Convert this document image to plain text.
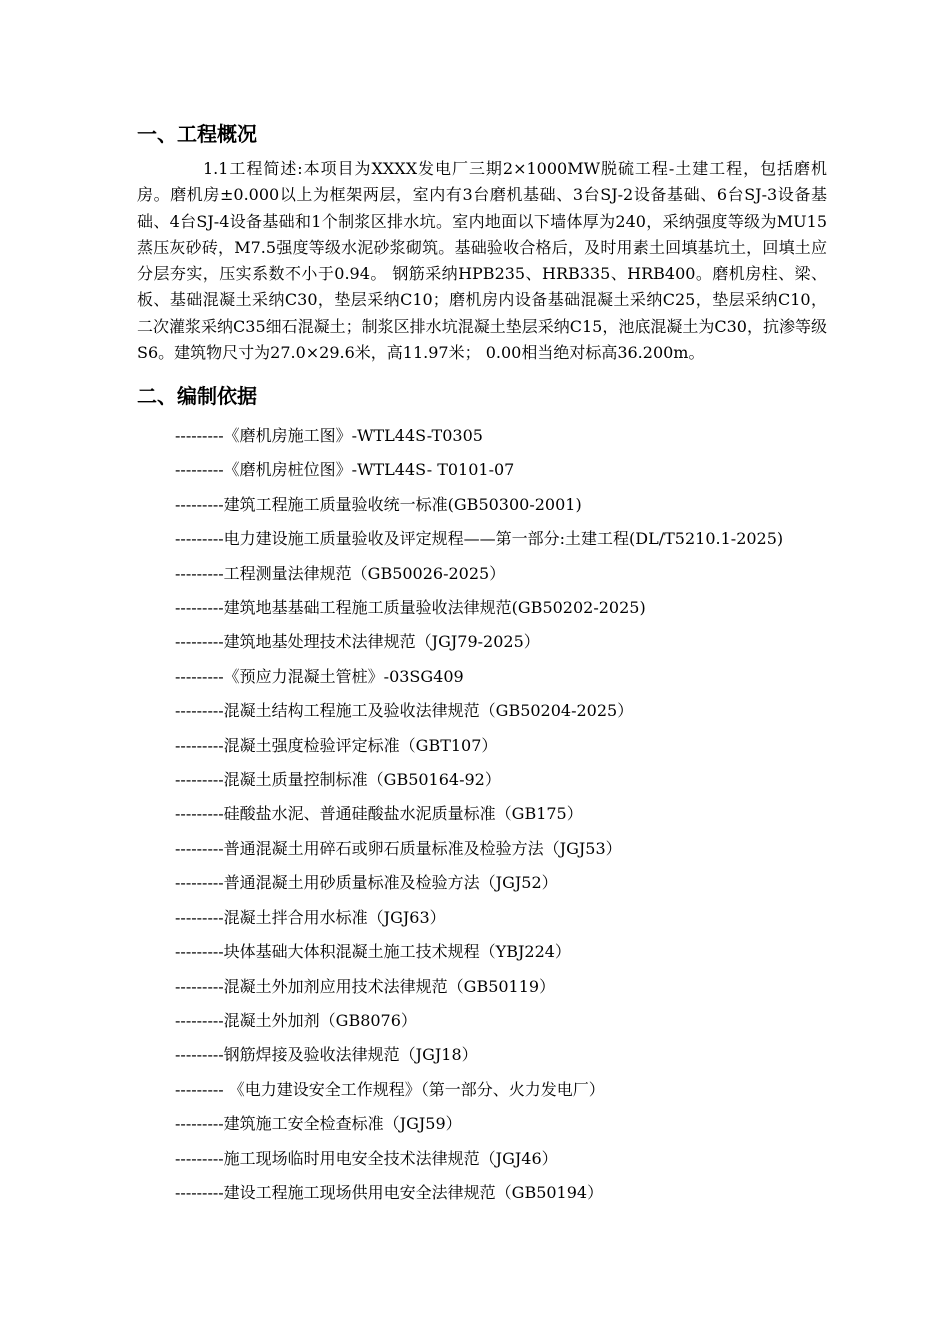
一、工程概况
1.1工程简述:本项目为XXXX发电厂三期2×1000MW脱硫工程-土建工程，包括磨机房。磨机房±0.000以上为框架两层，室内有3台磨机基础、3台SJ-2设备基础、6台SJ-3设备基础、4台SJ-4设备基础和1个制浆区排水坑。室内地面以下墙体厚为240，采纳强度等级为MU15蒸压灰砂砖，M7.5强度等级水泥砂浆砌筑。基础验收合格后，及时用素土回填基坑土，回填土应分层夯实，压实系数不小于0.94。 钢筋采纳HPB235、HRB335、HRB400。磨机房柱、梁、板、基础混凝土采纳C30，垫层采纳C10；磨机房内设备基础混凝土采纳C25，垫层采纳C10，二次灌浆采纳C35细石混凝土；制浆区排水坑混凝土垫层采纳C15，池底混凝土为C30，抗渗等级S6。建筑物尺寸为27.0×29.6米，高11.97米； 0.00相当绝对标高36.200m。
二、编制依据
---------《磨机房施工图》-WTL44S-T0305
---------《磨机房桩位图》-WTL44S- T0101-07
---------建筑工程施工质量验收统一标准(GB50300-2001)
---------电力建设施工质量验收及评定规程——第一部分:土建工程(DL/T5210.1-2025)
---------工程测量法律规范（GB50026-2025）
---------建筑地基基础工程施工质量验收法律规范(GB50202-2025)
---------建筑地基处理技术法律规范（JGJ79-2025）
---------《预应力混凝土管桩》-03SG409
---------混凝土结构工程施工及验收法律规范（GB50204-2025）
---------混凝土强度检验评定标准（GBT107）
---------混凝土质量控制标准（GB50164-92）
---------硅酸盐水泥、普通硅酸盐水泥质量标准（GB175）
---------普通混凝土用碎石或卵石质量标准及检验方法（JGJ53）
---------普通混凝土用砂质量标准及检验方法（JGJ52）
---------混凝土拌合用水标准（JGJ63）
---------块体基础大体积混凝土施工技术规程（YBJ224）
---------混凝土外加剂应用技术法律规范（GB50119）
---------混凝土外加剂（GB8076）
---------钢筋焊接及验收法律规范（JGJ18）
--------- 《电力建设安全工作规程》（第一部分、火力发电厂）
---------建筑施工安全检查标准（JGJ59）
---------施工现场临时用电安全技术法律规范（JGJ46）
---------建设工程施工现场供用电安全法律规范（GB50194）
